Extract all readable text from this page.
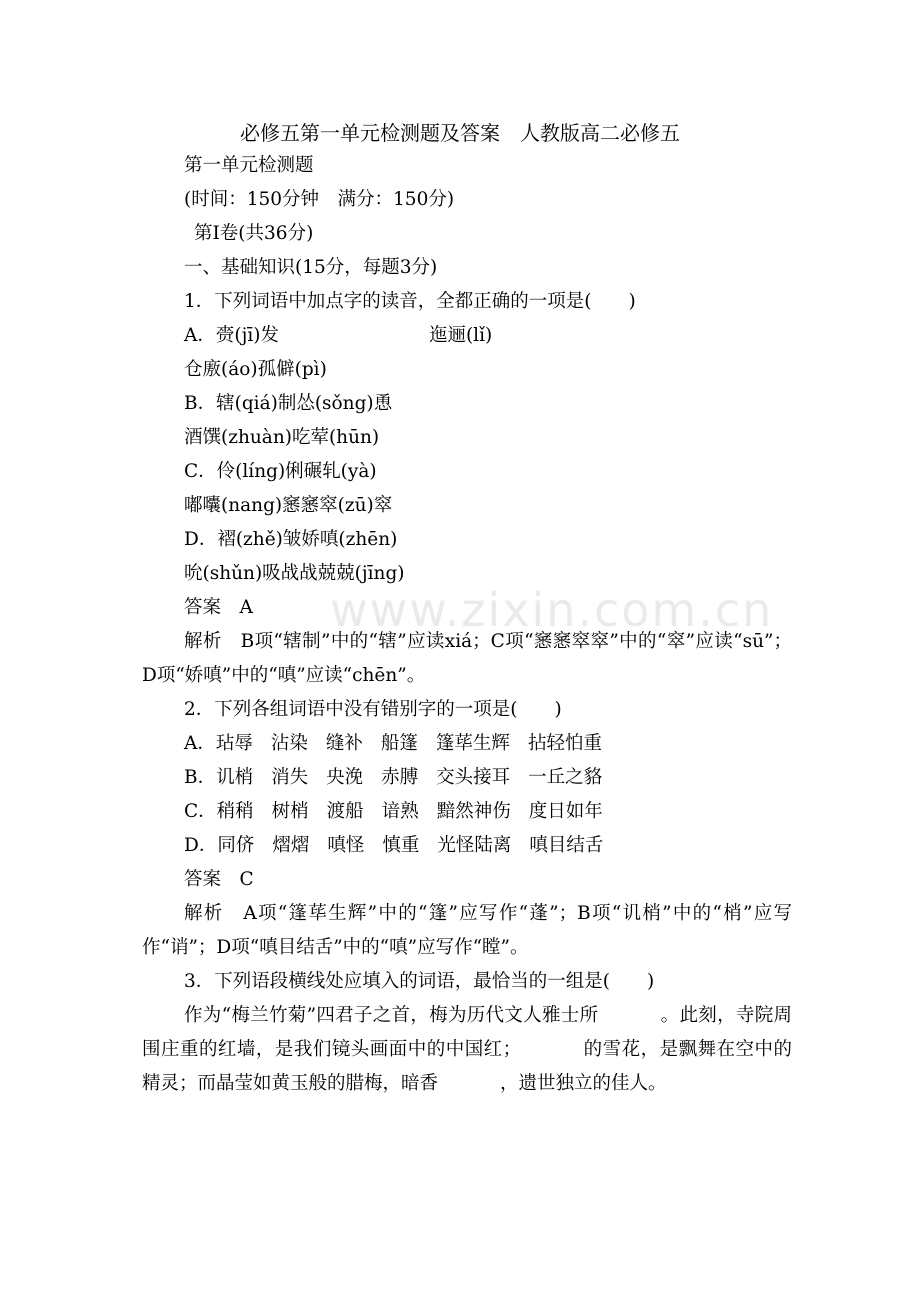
必修五第一单元检测题及答案　人教版高二必修五
第一单元检测题
(时间：150分钟　满分：150分)
第Ⅰ卷(共36分)
一、基础知识(15分，每题3分)
1．下列词语中加点字的读音，全都正确的一项是(　　)
A．赍(jī)发	迤逦(lǐ)
仓廒(áo)孤僻(pì)
B．辖(qiá)制怂(sǒng)恿
酒馔(zhuàn)吃荤(hūn)
C．伶(líng)俐碾轧(yà)
嘟囔(nang)窸窸窣(zū)窣
D．褶(zhě)皱娇嗔(zhēn)
吮(shǔn)吸战战兢兢(jīng)
答案　A
解析　B项“辖制”中的“辖”应读xiá；C项“窸窸窣窣”中的“窣”应读“sū”；D项“娇嗔”中的“嗔”应读“chēn”。
2．下列各组词语中没有错别字的一项是(　　)
A．玷辱 沾染 缝补 船篷 篷荜生辉 拈轻怕重
B．讥梢 消失 央浼 赤膊 交头接耳 一丘之貉
C．稍稍 树梢 渡船 谙熟 黯然神伤 度日如年
D．同侪 熠熠 嗔怪 慎重 光怪陆离 嗔目结舌
答案　C
解析　A项“篷荜生辉”中的“篷”应写作“蓬”；B项“讥梢”中的“梢”应写作“诮”；D项“嗔目结舌”中的“嗔”应写作“瞠”。
3．下列语段横线处应填入的词语，最恰当的一组是(　　)
作为“梅兰竹菊”四君子之首，梅为历代文人雅士所	。此刻，寺院周围庄重的红墙，是我们镜头画面中的中国红；	的雪花，是飘舞在空中的精灵；而晶莹如黄玉般的腊梅，暗香	，遗世独立的佳人。
www.zixin.com.cn
